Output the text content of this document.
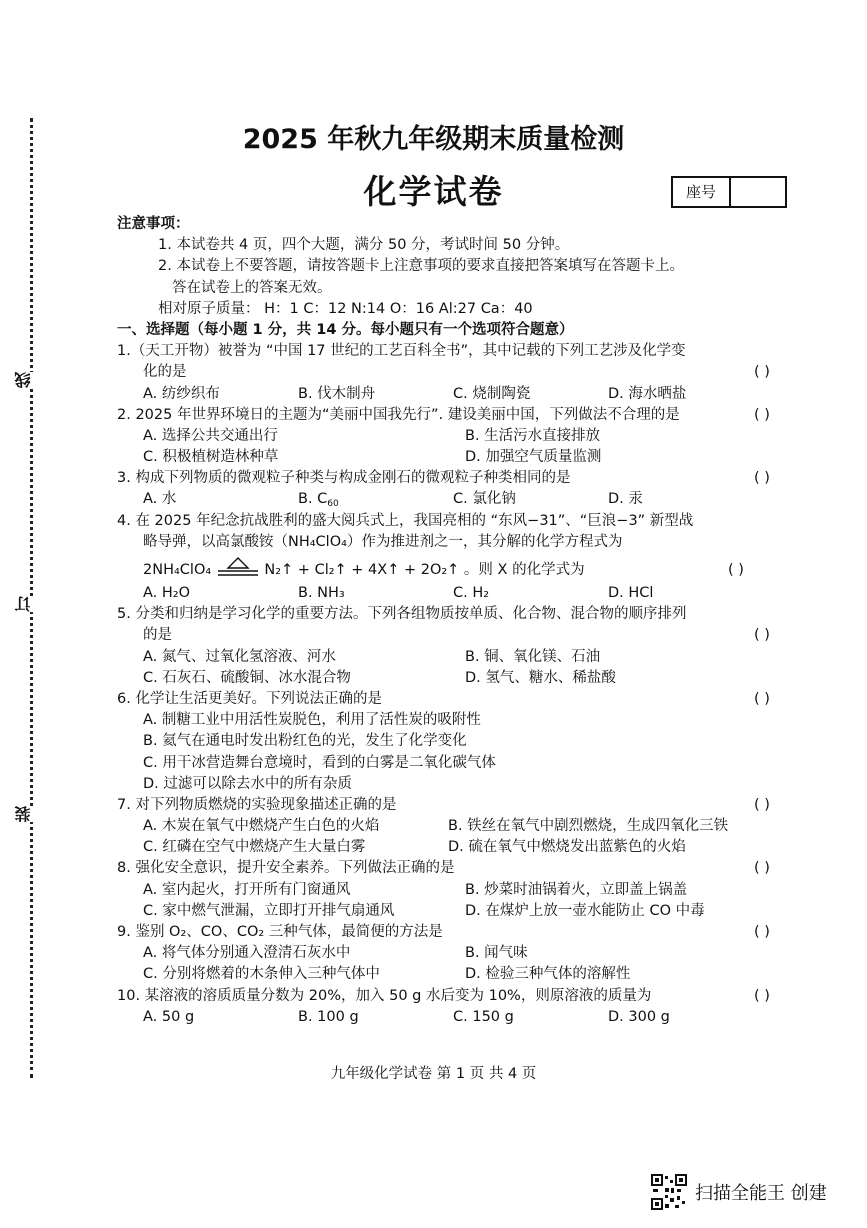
线
订
装
2025 年秋九年级期末质量检测
化学试卷	座号
注意事项：
1. 本试卷共 4 页，四个大题，满分 50 分，考试时间 50 分钟。
2. 本试卷上不要答题，请按答题卡上注意事项的要求直接把答案填写在答题卡上。
答在试卷上的答案无效。
相对原子质量： H：1 C：12 N:14 O：16 Al:27 Ca：40
一、选择题（每小题 1 分，共 14 分。每小题只有一个选项符合题意）
1.（天工开物）被誉为 “中国 17 世纪的工艺百科全书”，其中记载的下列工艺涉及化学变
化的是	( )
A. 纺纱织布	B. 伐木制舟	C. 烧制陶瓷	D. 海水晒盐
2. 2025 年世界环境日的主题为“美丽中国我先行”. 建设美丽中国，下列做法不合理的是	( )
A. 选择公共交通出行	B. 生活污水直接排放
C. 积极植树造林种草	D. 加强空气质量监测
3. 构成下列物质的微观粒子种类与构成金刚石的微观粒子种类相同的是	( )
A. 水	B. $C_{60}$	C. 氯化钠	D. 汞
4. 在 2025 年纪念抗战胜利的盛大阅兵式上，我国亮相的 “东风−31”、“巨浪−3” 新型战
略导弹，以高氯酸铵（NH₄ClO₄）作为推进剂之一，其分解的化学方程式为
2NH₄ClO₄	N₂↑ + Cl₂↑ + 4X↑ + 2O₂↑ 。则 X 的化学式为	( )
A. H₂O	B. NH₃	C. H₂	D. HCl
5. 分类和归纳是学习化学的重要方法。下列各组物质按单质、化合物、混合物的顺序排列
的是	( )
A. 氮气、过氧化氢溶液、河水	B. 铜、氧化镁、石油
C. 石灰石、硫酸铜、冰水混合物	D. 氢气、糖水、稀盐酸
6. 化学让生活更美好。下列说法正确的是	( )
A. 制糖工业中用活性炭脱色，利用了活性炭的吸附性
B. 氦气在通电时发出粉红色的光，发生了化学变化
C. 用干冰营造舞台意境时，看到的白雾是二氧化碳气体
D. 过滤可以除去水中的所有杂质
7. 对下列物质燃烧的实验现象描述正确的是	( )
A. 木炭在氧气中燃烧产生白色的火焰	B. 铁丝在氧气中剧烈燃烧，生成四氧化三铁
C. 红磷在空气中燃烧产生大量白雾	D. 硫在氧气中燃烧发出蓝紫色的火焰
8. 强化安全意识，提升安全素养。下列做法正确的是	( )
A. 室内起火，打开所有门窗通风	B. 炒菜时油锅着火，立即盖上锅盖
C. 家中燃气泄漏，立即打开排气扇通风	D. 在煤炉上放一壶水能防止 CO 中毒
9. 鉴别 O₂、CO、CO₂ 三种气体，最简便的方法是	( )
A. 将气体分别通入澄清石灰水中	B. 闻气味
C. 分别将燃着的木条伸入三种气体中	D. 检验三种气体的溶解性
10. 某溶液的溶质质量分数为 20%，加入 50 g 水后变为 10%，则原溶液的质量为	( )
A. 50 g	B. 100 g	C. 150 g	D. 300 g
九年级化学试卷 第 1 页 共 4 页
扫描全能王 创建
